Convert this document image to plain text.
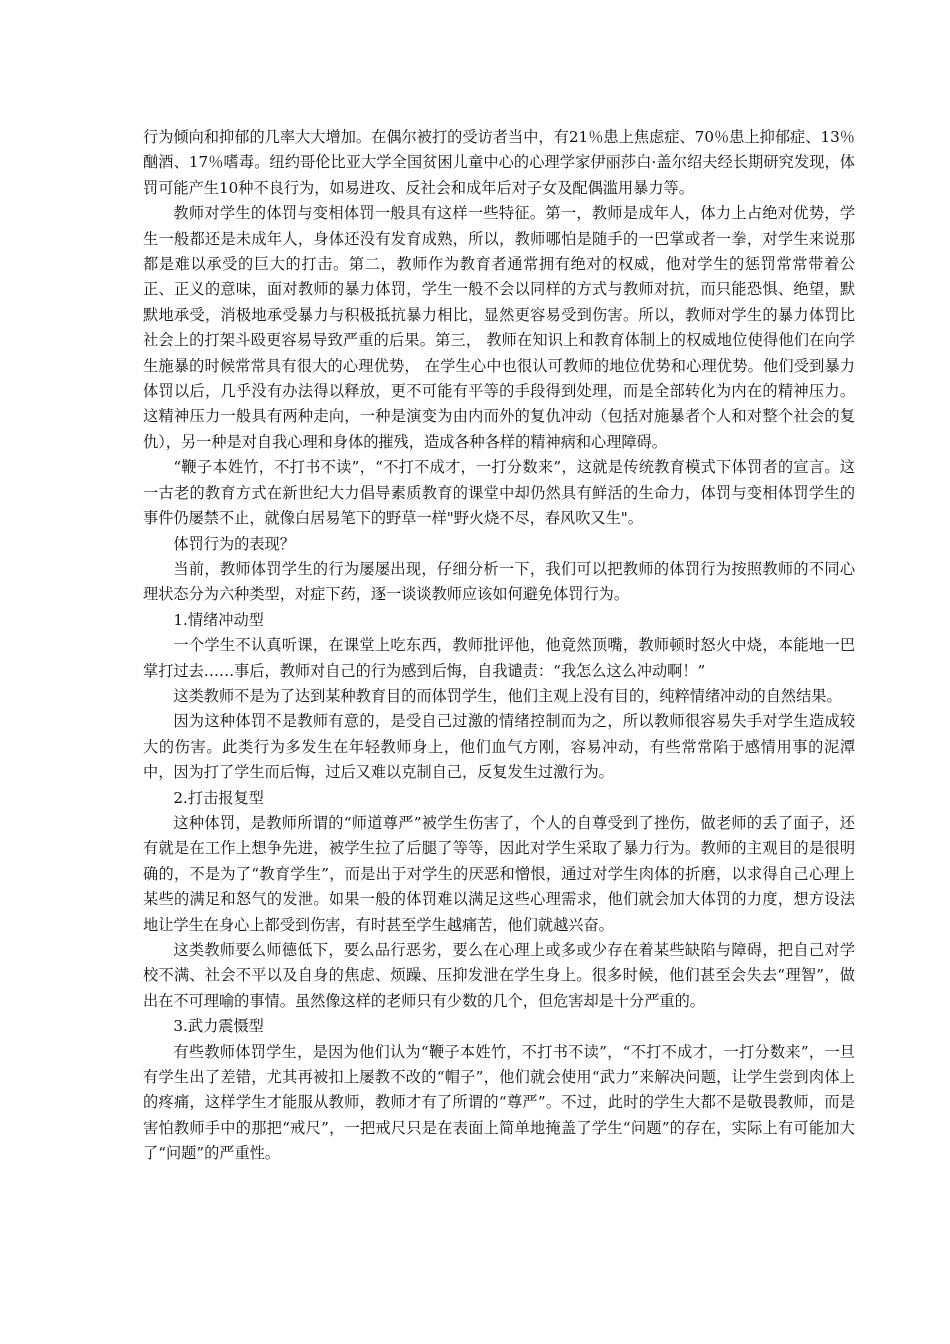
行为倾向和抑郁的几率大大增加。在偶尔被打的受访者当中，有21％患上焦虑症、70％患上抑郁症、13％酗酒、17％嗜毒。纽约哥伦比亚大学全国贫困儿童中心的心理学家伊丽莎白·盖尔绍夫经长期研究发现，体罚可能产生10种不良行为，如易进攻、反社会和成年后对子女及配偶滥用暴力等。

教师对学生的体罚与变相体罚一般具有这样一些特征。第一，教师是成年人，体力上占绝对优势，学生一般都还是未成年人，身体还没有发育成熟，所以，教师哪怕是随手的一巴掌或者一拳，对学生来说那都是难以承受的巨大的打击。第二，教师作为教育者通常拥有绝对的权威，他对学生的惩罚常常带着公正、正义的意味，面对教师的暴力体罚，学生一般不会以同样的方式与教师对抗，而只能恐惧、绝望，默默地承受，消极地承受暴力与积极抵抗暴力相比，显然更容易受到伤害。所以，教师对学生的暴力体罚比社会上的打架斗殴更容易导致严重的后果。第三， 教师在知识上和教育体制上的权威地位使得他们在向学生施暴的时候常常具有很大的心理优势， 在学生心中也很认可教师的地位优势和心理优势。他们受到暴力体罚以后，几乎没有办法得以释放，更不可能有平等的手段得到处理，而是全部转化为内在的精神压力。这精神压力一般具有两种走向，一种是演变为由内而外的复仇冲动（包括对施暴者个人和对整个社会的复仇），另一种是对自我心理和身体的摧残，造成各种各样的精神病和心理障碍。

“鞭子本姓竹，不打书不读”，“不打不成才，一打分数来”，这就是传统教育模式下体罚者的宣言。这一古老的教育方式在新世纪大力倡导素质教育的课堂中却仍然具有鲜活的生命力，体罚与变相体罚学生的事件仍屡禁不止，就像白居易笔下的野草一样"野火烧不尽，春风吹又生"。

体罚行为的表现？

当前，教师体罚学生的行为屡屡出现，仔细分析一下，我们可以把教师的体罚行为按照教师的不同心理状态分为六种类型，对症下药，逐一谈谈教师应该如何避免体罚行为。

1.情绪冲动型

一个学生不认真听课，在课堂上吃东西，教师批评他，他竟然顶嘴，教师顿时怒火中烧，本能地一巴掌打过去……事后，教师对自己的行为感到后悔，自我谴责：“我怎么这么冲动啊！”

这类教师不是为了达到某种教育目的而体罚学生，他们主观上没有目的，纯粹情绪冲动的自然结果。

因为这种体罚不是教师有意的，是受自己过激的情绪控制而为之，所以教师很容易失手对学生造成较大的伤害。此类行为多发生在年轻教师身上，他们血气方刚，容易冲动，有些常常陷于感情用事的泥潭中，因为打了学生而后悔，过后又难以克制自己，反复发生过激行为。

2.打击报复型

这种体罚，是教师所谓的“师道尊严”被学生伤害了，个人的自尊受到了挫伤，做老师的丢了面子，还有就是在工作上想争先进，被学生拉了后腿了等等，因此对学生采取了暴力行为。教师的主观目的是很明确的，不是为了“教育学生”，而是出于对学生的厌恶和憎恨，通过对学生肉体的折磨，以求得自己心理上某些的满足和怒气的发泄。如果一般的体罚难以满足这些心理需求，他们就会加大体罚的力度，想方设法地让学生在身心上都受到伤害，有时甚至学生越痛苦，他们就越兴奋。

这类教师要么师德低下，要么品行恶劣，要么在心理上或多或少存在着某些缺陷与障碍，把自己对学校不满、社会不平以及自身的焦虑、烦躁、压抑发泄在学生身上。很多时候，他们甚至会失去“理智”，做出在不可理喻的事情。虽然像这样的老师只有少数的几个，但危害却是十分严重的。

3.武力震慑型

有些教师体罚学生，是因为他们认为“鞭子本姓竹，不打书不读”，“不打不成才，一打分数来”，一旦有学生出了差错，尤其再被扣上屡教不改的“帽子”，他们就会使用“武力”来解决问题，让学生尝到肉体上的疼痛，这样学生才能服从教师，教师才有了所谓的“尊严”。不过，此时的学生大都不是敬畏教师，而是害怕教师手中的那把“戒尺”，一把戒尺只是在表面上简单地掩盖了学生“问题”的存在，实际上有可能加大了“问题”的严重性。
